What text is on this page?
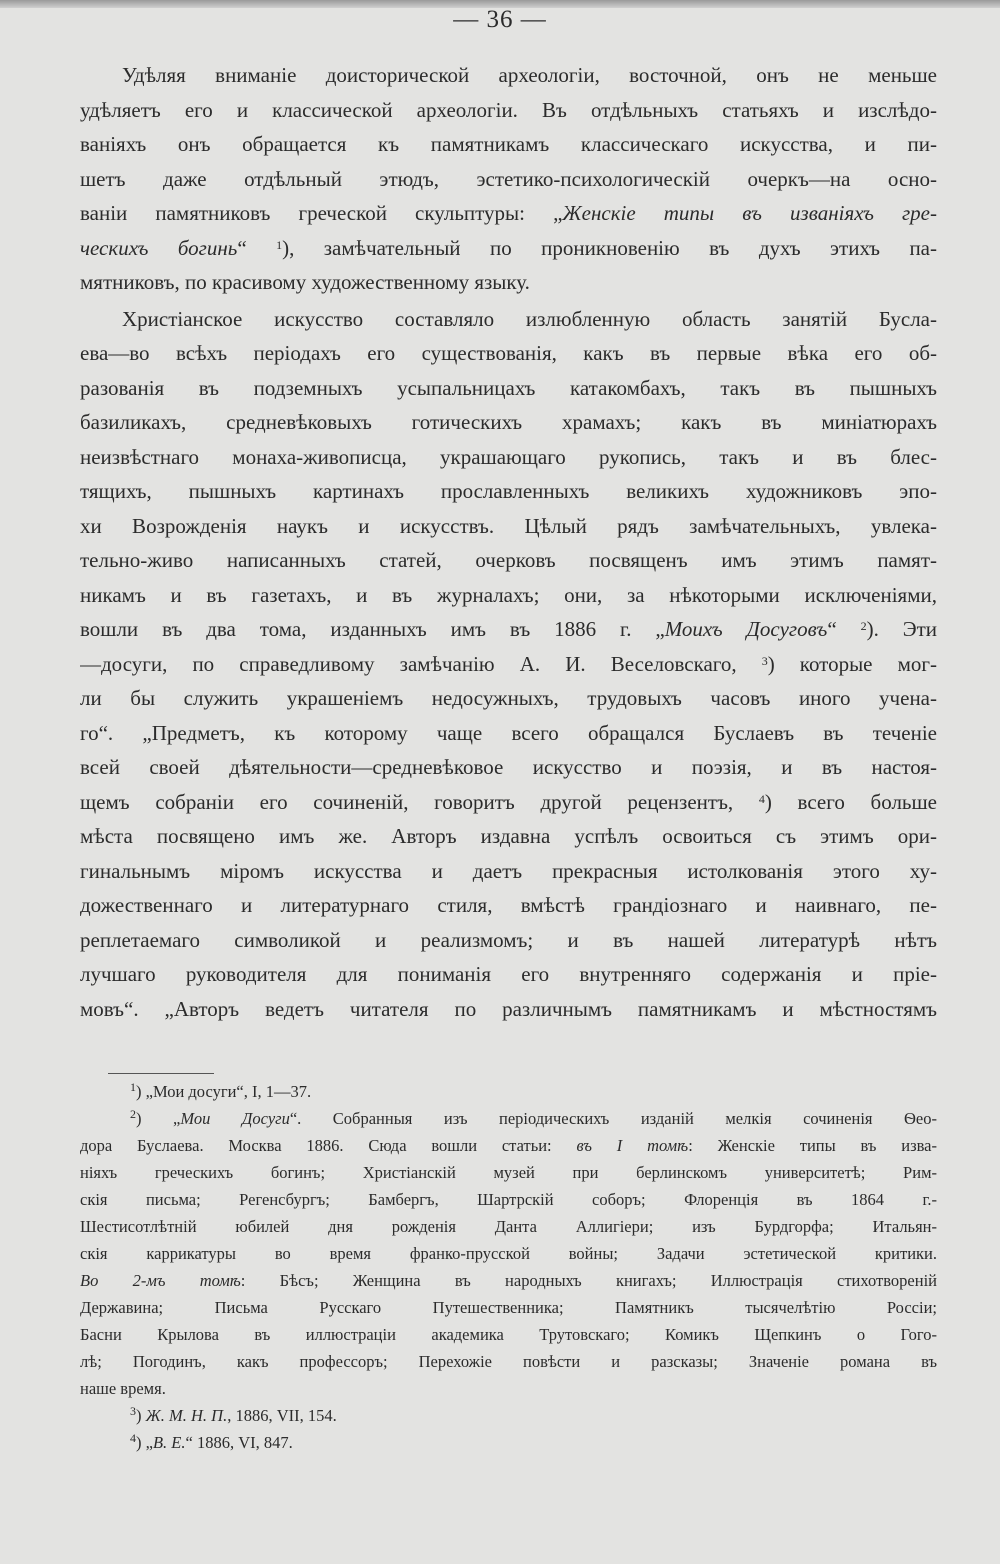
— 36 —
Удѣляя вниманіе доисторической археологіи, восточной, онъ не меньше
удѣляетъ его и классической археологіи. Въ отдѣльныхъ статьяхъ и изслѣдо-
ваніяхъ онъ обращается къ памятникамъ классическаго искусства, и пи-
шетъ даже отдѣльный этюдъ, эстетико-психологическій очеркъ—на осно-
ваніи памятниковъ греческой скульптуры: „Женскіе типы въ изваніяхъ гре-
ческихъ богинь“ $^1$), замѣчательный по проникновенію въ духъ этихъ па-
мятниковъ, по красивому художественному языку.
Христіанское искусство составляло излюбленную область занятій Бусла-
ева—во всѣхъ періодахъ его существованія, какъ въ первые вѣка его об-
разованія въ подземныхъ усыпальницахъ катакомбахъ, такъ въ пышныхъ
базиликахъ, средневѣковыхъ готическихъ храмахъ; какъ въ миніатюрахъ
неизвѣстнаго монаха-живописца, украшающаго рукопись, такъ и въ блес-
тящихъ, пышныхъ картинахъ прославленныхъ великихъ художниковъ эпо-
хи Возрожденія наукъ и искусствъ. Цѣлый рядъ замѣчательныхъ, увлека-
тельно-живо написанныхъ статей, очерковъ посвященъ имъ этимъ памят-
никамъ и въ газетахъ, и въ журналахъ; они, за нѣкоторыми исключеніями,
вошли въ два тома, изданныхъ имъ въ 1886 г. „Моихъ Досуговъ“ $^2$). Эти
—досуги, по справедливому замѣчанію А. И. Веселовскаго, $^3$) которые мог-
ли бы служить украшеніемъ недосужныхъ, трудовыхъ часовъ иного учена-
го“. „Предметъ, къ которому чаще всего обращался Буслаевъ въ теченіе
всей своей дѣятельности—средневѣковое искусство и поэзія, и въ настоя-
щемъ собраніи его сочиненій, говоритъ другой рецензентъ, $^4$) всего больше
мѣста посвящено имъ же. Авторъ издавна успѣлъ освоиться съ этимъ ори-
гинальнымъ міромъ искусства и даетъ прекрасныя истолкованія этого ху-
дожественнаго и литературнаго стиля, вмѣстѣ грандіознаго и наивнаго, пе-
реплетаемаго символикой и реализмомъ; и въ нашей литературѣ нѣтъ
лучшаго руководителя для пониманія его внутренняго содержанія и пріе-
мовъ“. „Авторъ ведетъ читателя по различнымъ памятникамъ и мѣстностямъ
$^1$) „Мои досуги“, I, 1—37.
$^2$) „Мои Досуги“. Собранныя изъ періодическихъ изданій мелкія сочиненія Ѳео-
дора Буслаева. Москва 1886. Сюда вошли статьи: въ I томѣ: Женскіе типы въ изва-
ніяхъ греческихъ богинъ; Христіанскій музей при берлинскомъ университетѣ; Рим-
скія письма; Регенсбургъ; Бамбергъ, Шартрскій соборъ; Флоренція въ 1864 г.-
Шестисотлѣтній юбилей дня рожденія Данта Аллигіери; изъ Бурдгорфа; Итальян-
скія каррикатуры во время франко-прусской войны; Задачи эстетической критики.
Во 2-мъ томѣ: Бѣсъ; Женщина въ народныхъ книгахъ; Иллюстрація стихотвореній
Державина; Письма Русскаго Путешественника; Памятникъ тысячелѣтію Россіи;
Басни Крылова въ иллюстраціи академика Трутовскаго; Комикъ Щепкинъ о Гого-
лѣ; Погодинъ, какъ профессоръ; Перехожіе повѣсти и разсказы; Значеніе романа въ
наше время.
$^3$) Ж. М. Н. П., 1886, VII, 154.
$^4$) „В. Е.“ 1886, VI, 847.
